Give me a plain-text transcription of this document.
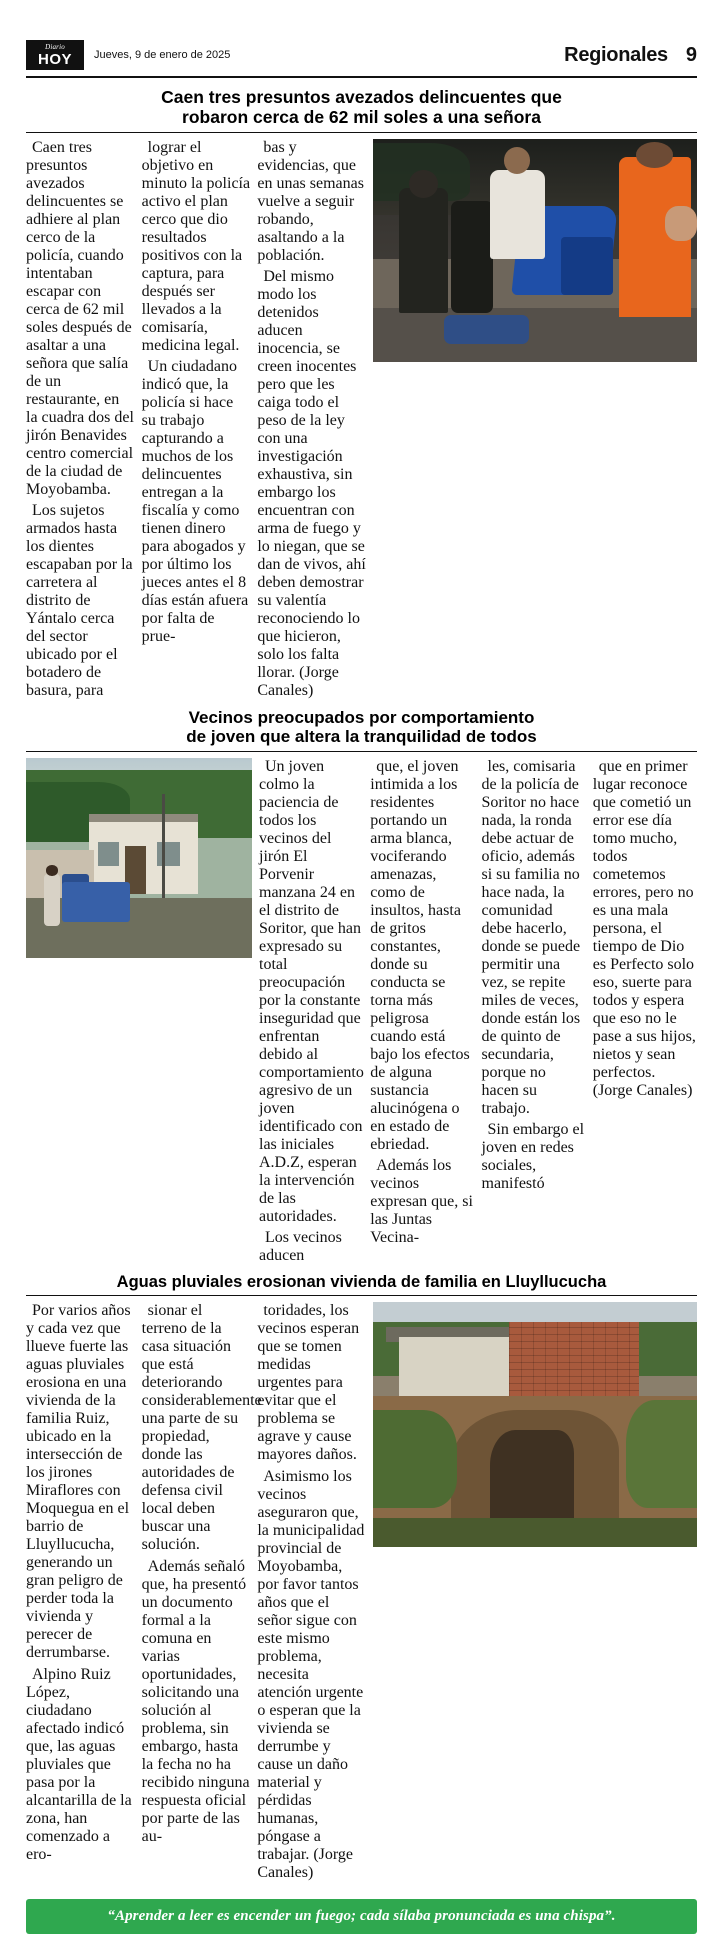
Diario
HOY Jueves, 9 de enero de 2025	Regionales 9
Caen tres presuntos avezados delincuentes que
robaron cerca de 62 mil soles a una señora

Caen tres presuntos avezados delincuentes se adhiere al plan cerco de la policía, cuando intentaban escapar con cerca de 62 mil soles después de asaltar a una señora que salía de un restaurante, en la cuadra dos del jirón Benavides centro comercial de la ciudad de Moyobamba.

Los sujetos armados hasta los dientes escapaban por la carretera al distrito de Yántalo cerca del sector ubicado por el botadero de basura, para

lograr el objetivo en minuto la policía activo el plan cerco que dio resultados positivos con la captura, para después ser llevados a la comisaría, medicina legal.

Un ciudadano indicó que, la policía si hace su trabajo capturando a muchos de los delincuentes entregan a la fiscalía y como tienen dinero para abogados y por último los jueces antes el 8 días están afuera por falta de prue-

bas y evidencias, que en unas semanas vuelve a seguir robando, asaltando a la población.

Del mismo modo los detenidos aducen inocencia, se creen inocentes pero que les caiga todo el peso de la ley con una investigación exhaustiva, sin embargo los encuentran con arma de fuego y lo niegan, que se dan de vivos, ahí deben demostrar su valentía reconociendo lo que hicieron, solo los falta llorar. (Jorge Canales)

Vecinos preocupados por comportamiento
de joven que altera la tranquilidad de todos

Un joven colmo la paciencia de todos los vecinos del jirón El Porvenir manzana 24 en el distrito de Soritor, que han expresado su total preocupación por la constante inseguridad que enfrentan debido al comportamiento agresivo de un joven identificado con las iniciales A.D.Z, esperan la intervención de las autoridades.

Los vecinos aducen

que, el joven intimida a los residentes portando un arma blanca, vociferando amenazas, como de insultos, hasta de gritos constantes, donde su conducta se torna más peligrosa cuando está bajo los efectos de alguna sustancia alucinógena o en estado de ebriedad.

Además los vecinos expresan que, si las Juntas Vecina-

les, comisaria de la policía de Soritor no hace nada, la ronda debe actuar de oficio, además si su familia no hace nada, la comunidad debe hacerlo, donde se puede permitir una vez, se repite miles de veces, donde están los de quinto de secundaria, porque no hacen su trabajo.

Sin embargo el joven en redes sociales, manifestó

que en primer lugar reconoce que cometió un error ese día tomo mucho, todos cometemos errores, pero no es una mala persona, el tiempo de Dio es Perfecto solo eso, suerte para todos y espera que eso no le pase a sus hijos, nietos y sean perfectos. (Jorge Canales)

Aguas pluviales erosionan vivienda de familia en Lluyllucucha

Por varios años y cada vez que llueve fuerte las aguas pluviales erosiona en una vivienda de la familia Ruiz, ubicado en la intersección de los jirones Miraflores con Moquegua en el barrio de Lluyllucucha, generando un gran peligro de perder toda la vivienda y perecer de derrumbarse.

Alpino Ruiz López, ciudadano afectado indicó que, las aguas pluviales que pasa por la alcantarilla de la zona, han comenzado a ero-

sionar el terreno de la casa situación que está deteriorando considerablemente una parte de su propiedad, donde las autoridades de defensa civil local deben buscar una solución.

Además señaló que, ha presentó un documento formal a la comuna en varias oportunidades, solicitando una solución al problema, sin embargo, hasta la fecha no ha recibido ninguna respuesta oficial por parte de las au-

toridades, los vecinos esperan que se tomen medidas urgentes para evitar que el problema se agrave y cause mayores daños.

Asimismo los vecinos aseguraron que, la municipalidad provincial de Moyobamba, por favor tantos años que el señor sigue con este mismo problema, necesita atención urgente o esperan que la vivienda se derrumbe y cause un daño material y pérdidas humanas, póngase a trabajar. (Jorge Canales)

“Aprender a leer es encender un fuego; cada sílaba pronunciada es una chispa”.
